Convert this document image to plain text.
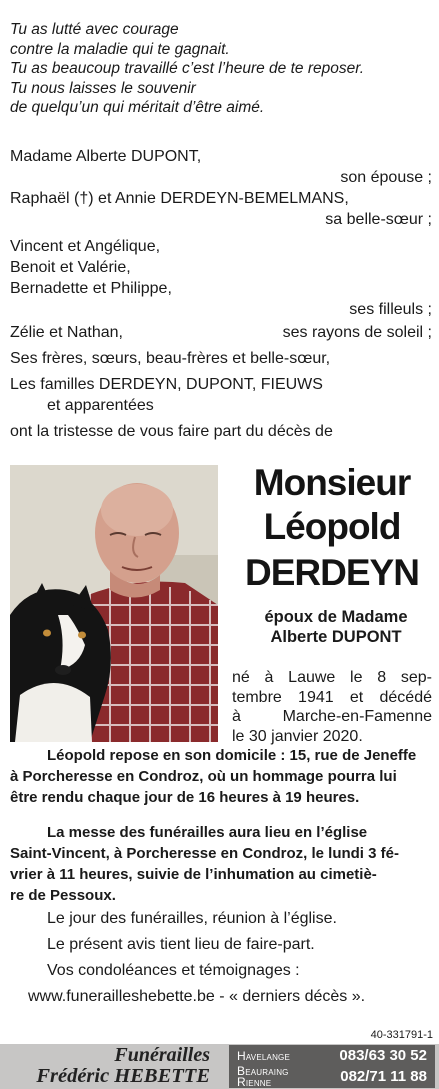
Tu as lutté avec courage
contre la maladie qui te gagnait.
Tu as beaucoup travaillé c’est l’heure de te reposer.
Tu nous laisses le souvenir
de quelqu’un qui méritait d’être aimé.
Madame Alberte DUPONT,
son épouse ;
Raphaël (†) et Annie DERDEYN-BEMELMANS,
sa belle-sœur ;
Vincent et Angélique,
Benoit et Valérie,
Bernadette et Philippe,
ses filleuls ;
Zélie et Nathan,	ses rayons de soleil ;
Ses frères, sœurs, beau-frères et belle-sœur,
Les familles DERDEYN, DUPONT, FIEUWS
et apparentées
ont la tristesse de vous faire part du décès de
Monsieur
Léopold
DERDEYN
époux de Madame
Alberte DUPONT
né à Lauwe le 8 sep-
tembre 1941 et décédé
à Marche-en-Famenne
le 30 janvier 2020.
Léopold repose en son domicile : 15, rue de Jeneffe
à Porcheresse en Condroz, où un hommage pourra lui
être rendu chaque jour de 16 heures à 19 heures.
La messe des funérailles aura lieu en l’église
Saint-Vincent, à Porcheresse en Condroz, le lundi 3 fé-
vrier à 11 heures, suivie de l’inhumation au cimetiè-
re de Pessoux.
Le jour des funérailles, réunion à l’église.
Le présent avis tient lieu de faire-part.
Vos condoléances et témoignages :
www.funerailleshebette.be - « derniers décès ».
40-331791-1
Funérailles
Frédéric HEBETTE
Havelange	083/63 30 52
Beauraing
Rienne	082/71 11 88
